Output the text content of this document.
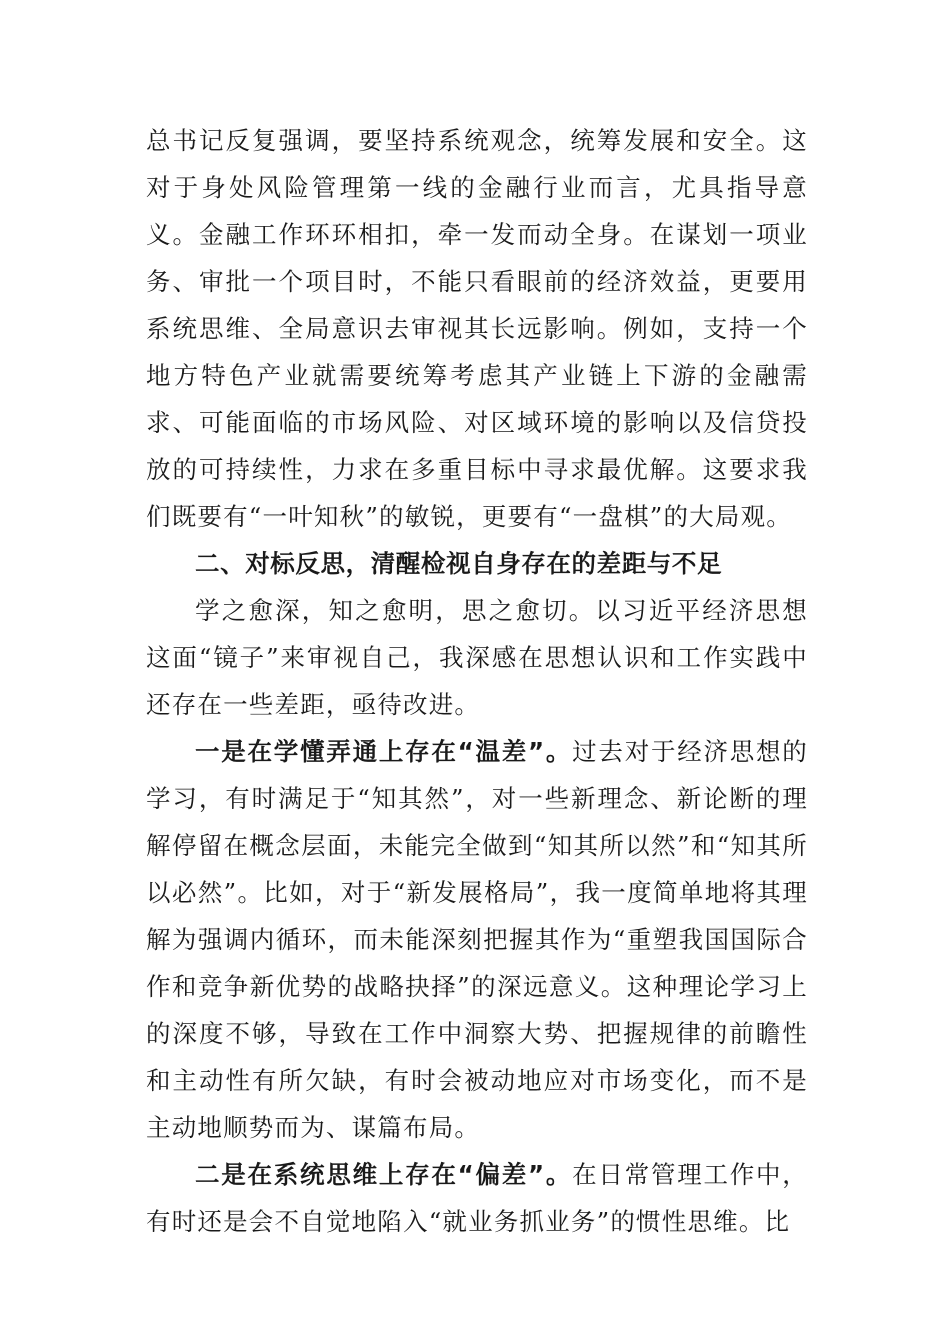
总书记反复强调，要坚持系统观念，统筹发展和安全。这对于身处风险管理第一线的金融行业而言，尤具指导意义。金融工作环环相扣，牵一发而动全身。在谋划一项业务、审批一个项目时，不能只看眼前的经济效益，更要用系统思维、全局意识去审视其长远影响。例如，支持一个地方特色产业就需要统筹考虑其产业链上下游的金融需求、可能面临的市场风险、对区域环境的影响以及信贷投放的可持续性，力求在多重目标中寻求最优解。这要求我们既要有“一叶知秋”的敏锐，更要有“一盘棋”的大局观。

二、对标反思，清醒检视自身存在的差距与不足

学之愈深，知之愈明，思之愈切。以习近平经济思想这面“镜子”来审视自己，我深感在思想认识和工作实践中还存在一些差距，亟待改进。

一是在学懂弄通上存在“温差”。过去对于经济思想的学习，有时满足于“知其然”，对一些新理念、新论断的理解停留在概念层面，未能完全做到“知其所以然”和“知其所以必然”。比如，对于“新发展格局”，我一度简单地将其理解为强调内循环，而未能深刻把握其作为“重塑我国国际合作和竞争新优势的战略抉择”的深远意义。这种理论学习上的深度不够，导致在工作中洞察大势、把握规律的前瞻性和主动性有所欠缺，有时会被动地应对市场变化，而不是主动地顺势而为、谋篇布局。

二是在系统思维上存在“偏差”。在日常管理工作中，有时还是会不自觉地陷入“就业务抓业务”的惯性思维。比
